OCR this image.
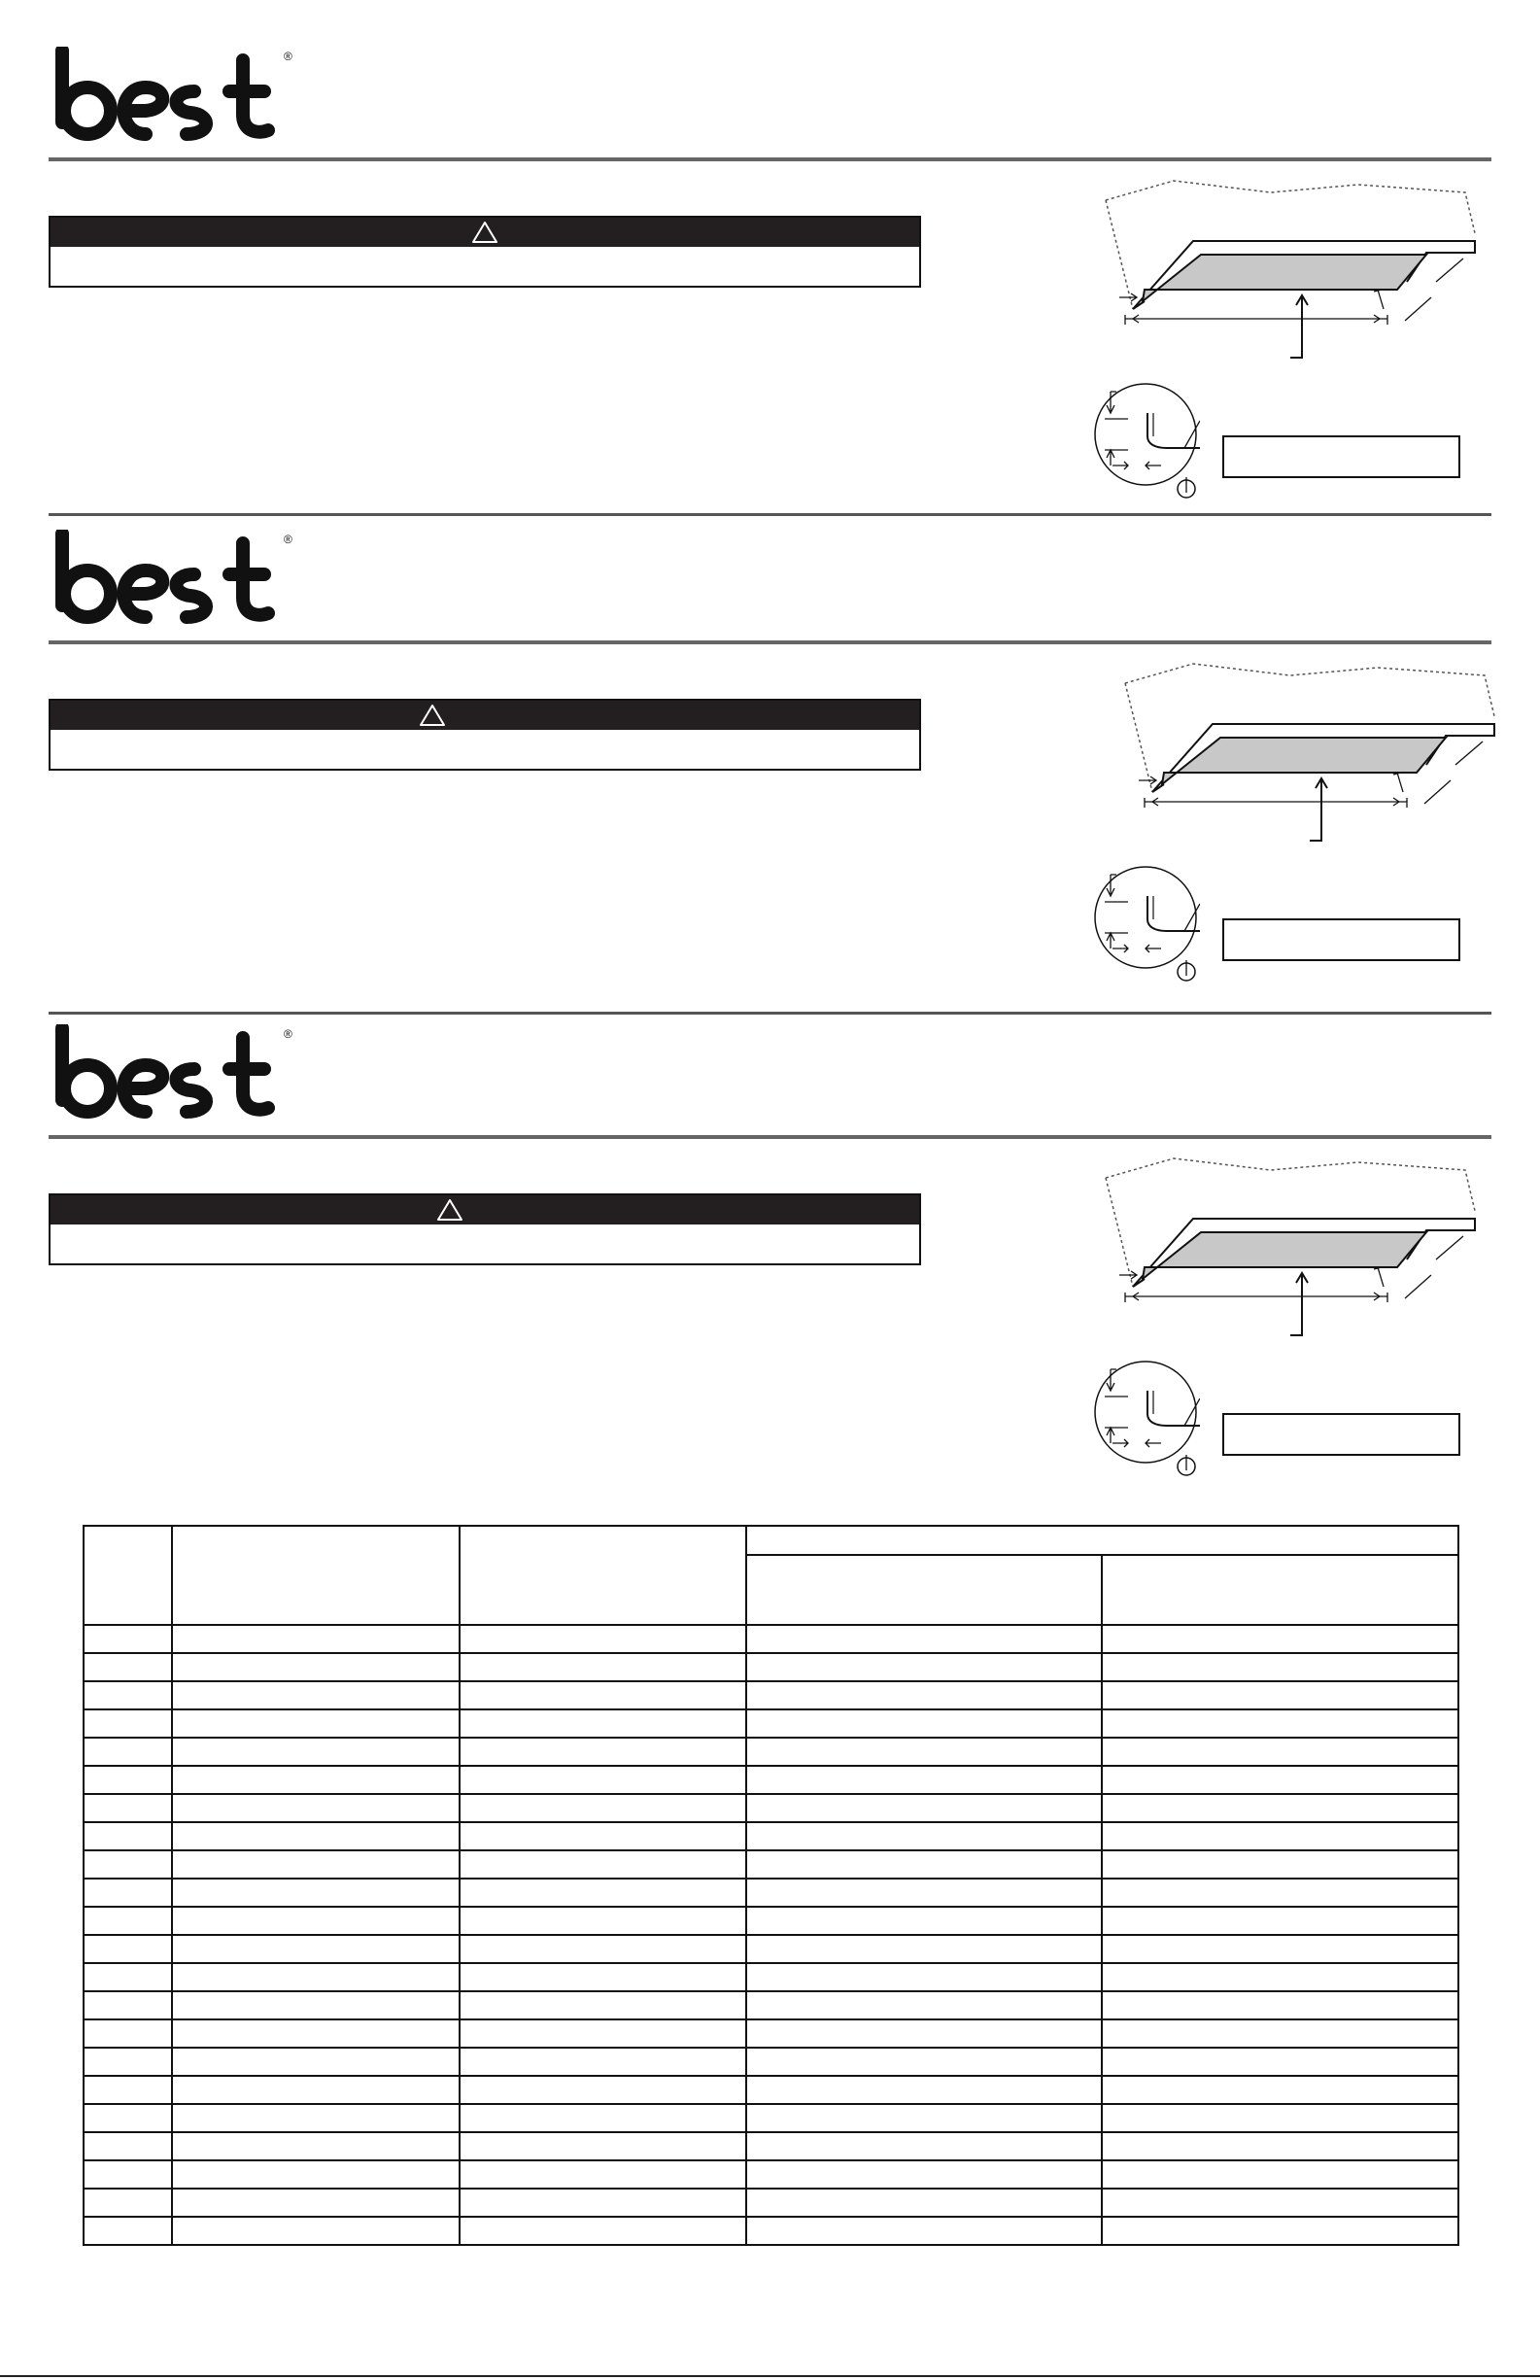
®
®
®
